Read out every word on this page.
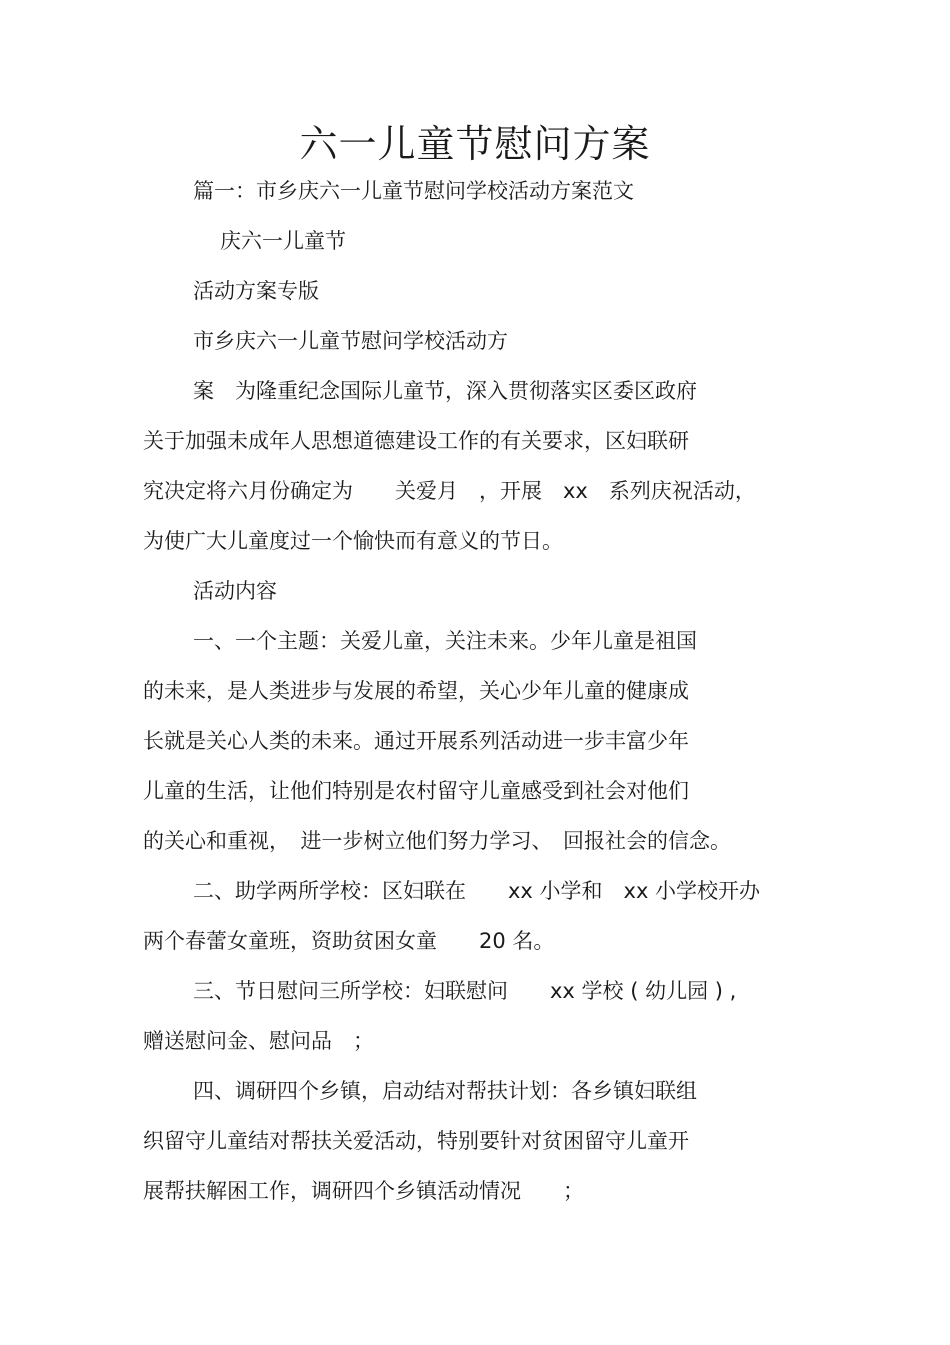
六一儿童节慰问方案
篇一：市乡庆六一儿童节慰问学校活动方案范文
庆六一儿童节
活动方案专版
市乡庆六一儿童节慰问学校活动方
案　为隆重纪念国际儿童节，深入贯彻落实区委区政府
关于加强未成年人思想道德建设工作的有关要求，区妇联研
究决定将六月份确定为　　关爱月　，开展　xx　系列庆祝活动，
为使广大儿童度过一个愉快而有意义的节日。
活动内容
一、一个主题：关爱儿童，关注未来。少年儿童是祖国
的未来，是人类进步与发展的希望，关心少年儿童的健康成
长就是关心人类的未来。通过开展系列活动进一步丰富少年
儿童的生活，让他们特别是农村留守儿童感受到社会对他们
的关心和重视，　进一步树立他们努力学习、　回报社会的信念。
二、助学两所学校：区妇联在　　xx 小学和　xx 小学校开办
两个春蕾女童班，资助贫困女童　　20 名。
三、节日慰问三所学校：妇联慰问　　xx 学校 ( 幼儿园 ) ,
赠送慰问金、慰问品　；
四、调研四个乡镇，启动结对帮扶计划：各乡镇妇联组
织留守儿童结对帮扶关爱活动，特别要针对贫困留守儿童开
展帮扶解困工作，调研四个乡镇活动情况　　；
